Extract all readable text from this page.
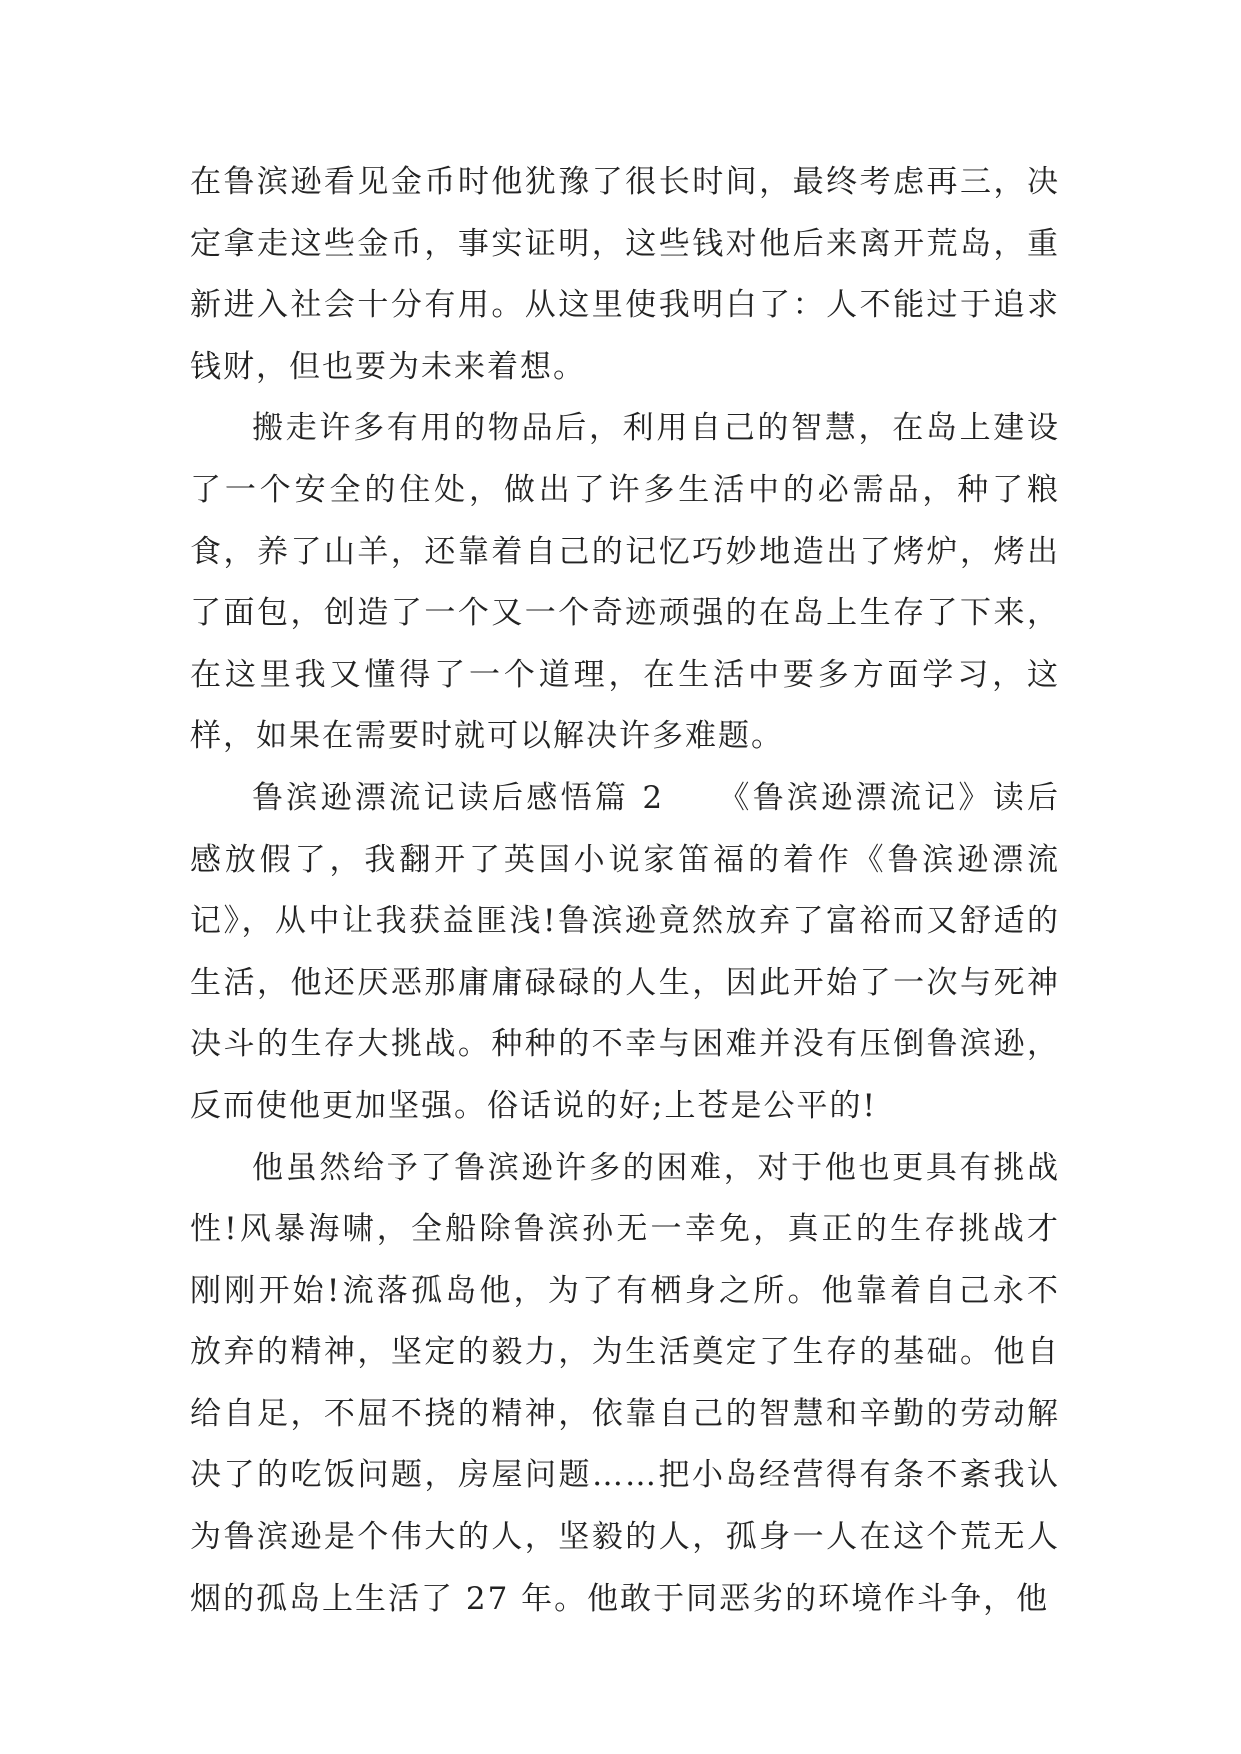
在鲁滨逊看见金币时他犹豫了很长时间，最终考虑再三，决定拿走这些金币，事实证明，这些钱对他后来离开荒岛，重新进入社会十分有用。从这里使我明白了：人不能过于追求钱财，但也要为未来着想。

搬走许多有用的物品后，利用自己的智慧，在岛上建设了一个安全的住处，做出了许多生活中的必需品，种了粮食，养了山羊，还靠着自己的记忆巧妙地造出了烤炉，烤出了面包，创造了一个又一个奇迹顽强的在岛上生存了下来，在这里我又懂得了一个道理，在生活中要多方面学习，这样，如果在需要时就可以解决许多难题。

鲁滨逊漂流记读后感悟篇 2　　《鲁滨逊漂流记》读后感放假了，我翻开了英国小说家笛福的着作《鲁滨逊漂流记》，从中让我获益匪浅!鲁滨逊竟然放弃了富裕而又舒适的生活，他还厌恶那庸庸碌碌的人生，因此开始了一次与死神决斗的生存大挑战。种种的不幸与困难并没有压倒鲁滨逊，反而使他更加坚强。俗话说的好;上苍是公平的!

他虽然给予了鲁滨逊许多的困难，对于他也更具有挑战性!风暴海啸，全船除鲁滨孙无一幸免，真正的生存挑战才刚刚开始!流落孤岛他，为了有栖身之所。他靠着自己永不放弃的精神，坚定的毅力，为生活奠定了生存的基础。他自给自足，不屈不挠的精神，依靠自己的智慧和辛勤的劳动解决了的吃饭问题，房屋问题……把小岛经营得有条不紊我认为鲁滨逊是个伟大的人，坚毅的人，孤身一人在这个荒无人烟的孤岛上生活了 27 年。他敢于同恶劣的环境作斗争，他
